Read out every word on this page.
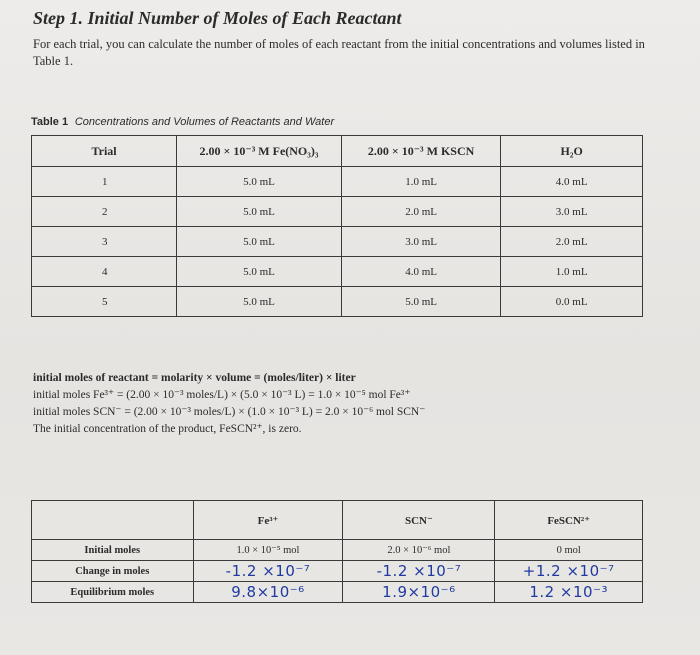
Step 1. Initial Number of Moles of Each Reactant
For each trial, you can calculate the number of moles of each reactant from the initial concentrations and volumes listed in Table 1.
Table 1 Concentrations and Volumes of Reactants and Water
Trial	2.00 × 10⁻³ M Fe(NO₃)₃	2.00 × 10⁻³ M KSCN	H₂O
1	5.0 mL	1.0 mL	4.0 mL
2	5.0 mL	2.0 mL	3.0 mL
3	5.0 mL	3.0 mL	2.0 mL
4	5.0 mL	4.0 mL	1.0 mL
5	5.0 mL	5.0 mL	0.0 mL
initial moles of reactant = molarity × volume = (moles/liter) × liter
initial moles Fe³⁺ = (2.00 × 10⁻³ moles/L) × (5.0 × 10⁻³ L) = 1.0 × 10⁻⁵ mol Fe³⁺
initial moles SCN⁻ = (2.00 × 10⁻³ moles/L) × (1.0 × 10⁻³ L) = 2.0 × 10⁻⁶ mol SCN⁻
The initial concentration of the product, FeSCN²⁺, is zero.
	Fe³⁺	SCN⁻	FeSCN²⁺
Initial moles	1.0 × 10⁻⁵ mol	2.0 × 10⁻⁶ mol	0 mol
Change in moles	-1.2 ×10⁻⁷	-1.2 ×10⁻⁷	+1.2 ×10⁻⁷
Equilibrium moles	9.8×10⁻⁶	1.9×10⁻⁶	1.2 ×10⁻³
